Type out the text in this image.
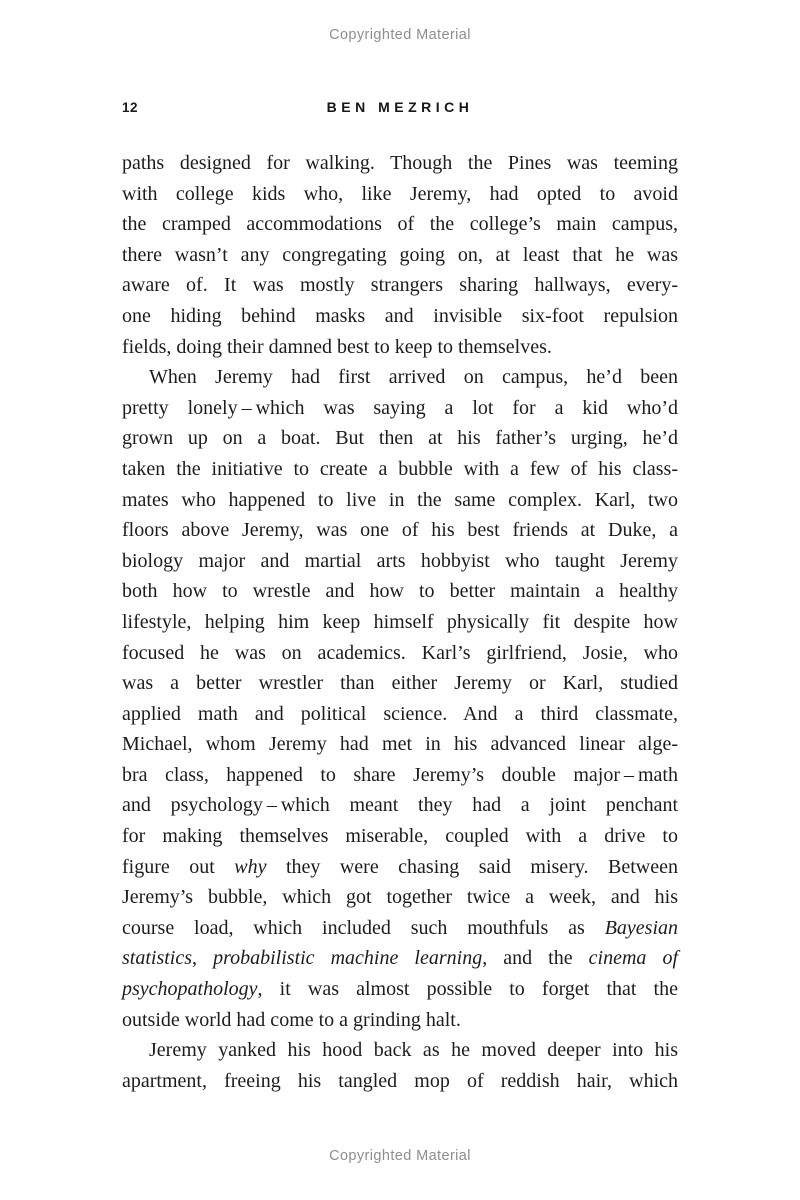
Copyrighted Material
12	BEN MEZRICH
paths designed for walking. Though the Pines was teeming
with college kids who, like Jeremy, had opted to avoid
the cramped accommodations of the college’s main campus,
there wasn’t any congregating going on, at least that he was
aware of. It was mostly strangers sharing hallways, every-
one hiding behind masks and invisible six-foot repulsion
fields, doing their damned best to keep to themselves.
When Jeremy had first arrived on campus, he’d been
pretty lonely – which was saying a lot for a kid who’d
grown up on a boat. But then at his father’s urging, he’d
taken the initiative to create a bubble with a few of his class-
mates who happened to live in the same complex. Karl, two
floors above Jeremy, was one of his best friends at Duke, a
biology major and martial arts hobbyist who taught Jeremy
both how to wrestle and how to better maintain a healthy
lifestyle, helping him keep himself physically fit despite how
focused he was on academics. Karl’s girlfriend, Josie, who
was a better wrestler than either Jeremy or Karl, studied
applied math and political science. And a third classmate,
Michael, whom Jeremy had met in his advanced linear alge-
bra class, happened to share Jeremy’s double major – math
and psychology – which meant they had a joint penchant
for making themselves miserable, coupled with a drive to
figure out why they were chasing said misery. Between
Jeremy’s bubble, which got together twice a week, and his
course load, which included such mouthfuls as Bayesian
statistics, probabilistic machine learning, and the cinema of
psychopathology, it was almost possible to forget that the
outside world had come to a grinding halt.
Jeremy yanked his hood back as he moved deeper into his
apartment, freeing his tangled mop of reddish hair, which
Copyrighted Material
